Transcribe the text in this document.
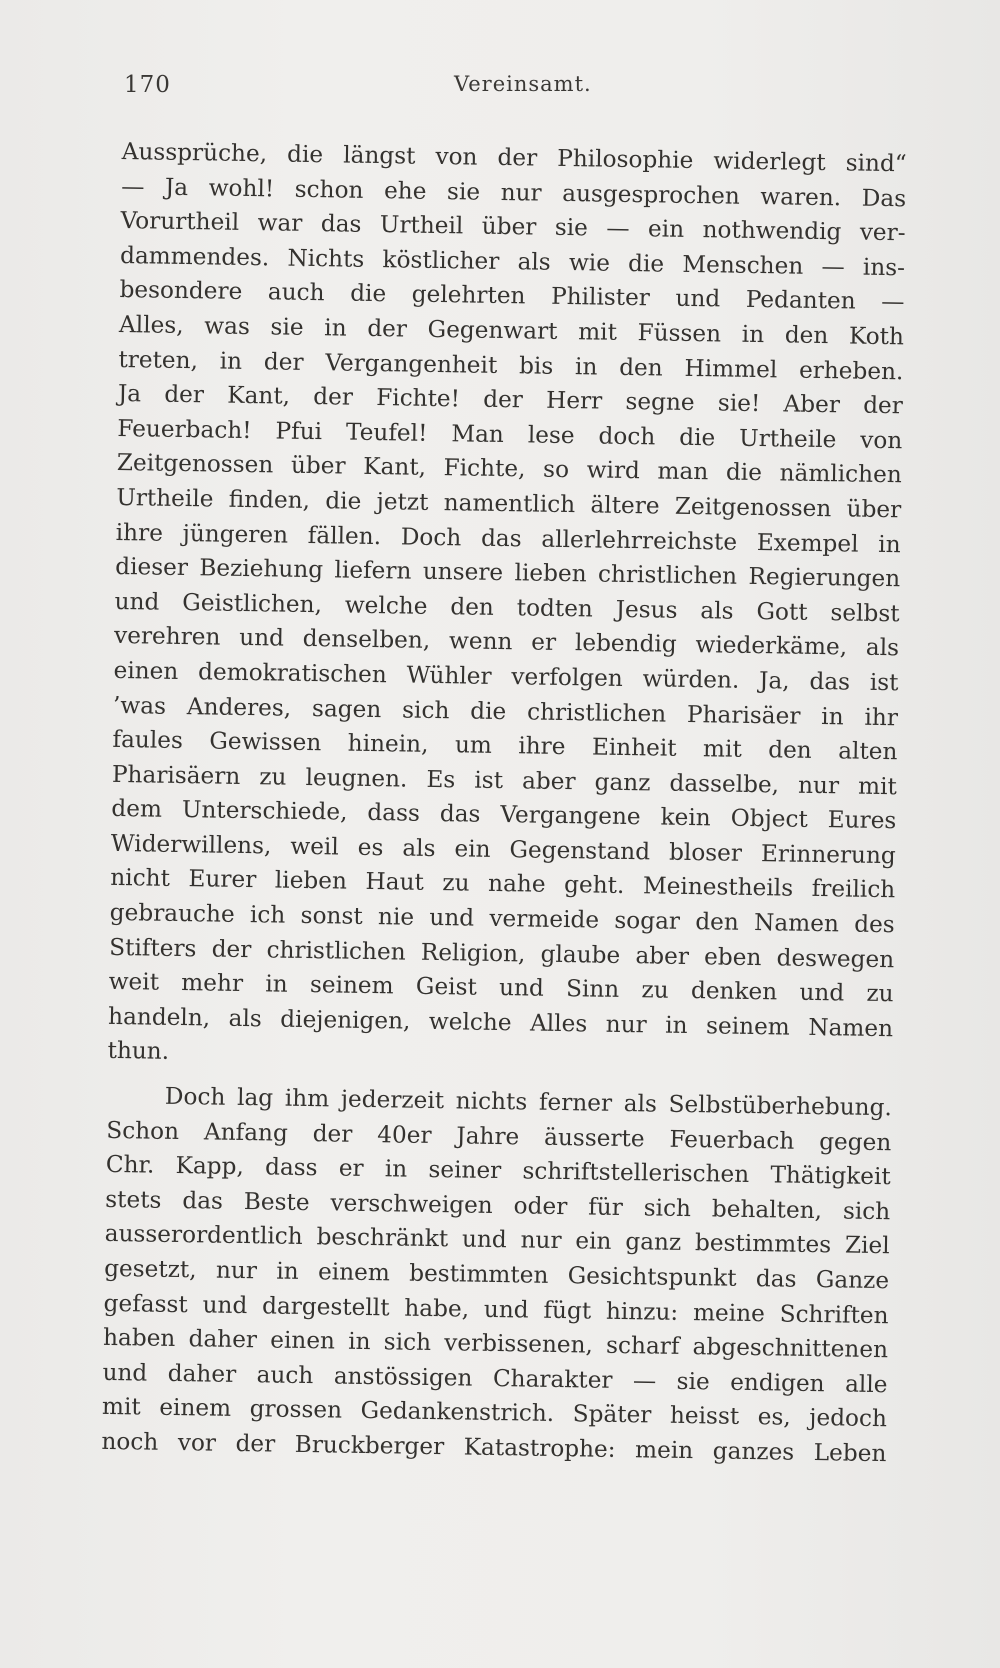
170	Vereinsamt.
Aussprüche, die längst von der Philosophie widerlegt sind“
— Ja wohl! schon ehe sie nur ausgesprochen waren. Das
Vorurtheil war das Urtheil über sie — ein nothwendig ver-
dammendes. Nichts köstlicher als wie die Menschen — ins-
besondere auch die gelehrten Philister und Pedanten —
Alles, was sie in der Gegenwart mit Füssen in den Koth
treten, in der Vergangenheit bis in den Himmel erheben.
Ja der Kant, der Fichte! der Herr segne sie! Aber der
Feuerbach! Pfui Teufel! Man lese doch die Urtheile von
Zeitgenossen über Kant, Fichte, so wird man die nämlichen
Urtheile finden, die jetzt namentlich ältere Zeitgenossen über
ihre jüngeren fällen. Doch das allerlehrreichste Exempel in
dieser Beziehung liefern unsere lieben christlichen Regierungen
und Geistlichen, welche den todten Jesus als Gott selbst
verehren und denselben, wenn er lebendig wiederkäme, als
einen demokratischen Wühler verfolgen würden. Ja, das ist
’was Anderes, sagen sich die christlichen Pharisäer in ihr
faules Gewissen hinein, um ihre Einheit mit den alten
Pharisäern zu leugnen. Es ist aber ganz dasselbe, nur mit
dem Unterschiede, dass das Vergangene kein Object Eures
Widerwillens, weil es als ein Gegenstand bloser Erinnerung
nicht Eurer lieben Haut zu nahe geht. Meinestheils freilich
gebrauche ich sonst nie und vermeide sogar den Namen des
Stifters der christlichen Religion, glaube aber eben deswegen
weit mehr in seinem Geist und Sinn zu denken und zu
handeln, als diejenigen, welche Alles nur in seinem Namen
thun.
Doch lag ihm jederzeit nichts ferner als Selbstüberhebung.
Schon Anfang der 40er Jahre äusserte Feuerbach gegen
Chr. Kapp, dass er in seiner schriftstellerischen Thätigkeit
stets das Beste verschweigen oder für sich behalten, sich
ausserordentlich beschränkt und nur ein ganz bestimmtes Ziel
gesetzt, nur in einem bestimmten Gesichtspunkt das Ganze
gefasst und dargestellt habe, und fügt hinzu: meine Schriften
haben daher einen in sich verbissenen, scharf abgeschnittenen
und daher auch anstössigen Charakter — sie endigen alle
mit einem grossen Gedankenstrich. Später heisst es, jedoch
noch vor der Bruckberger Katastrophe: mein ganzes Leben
